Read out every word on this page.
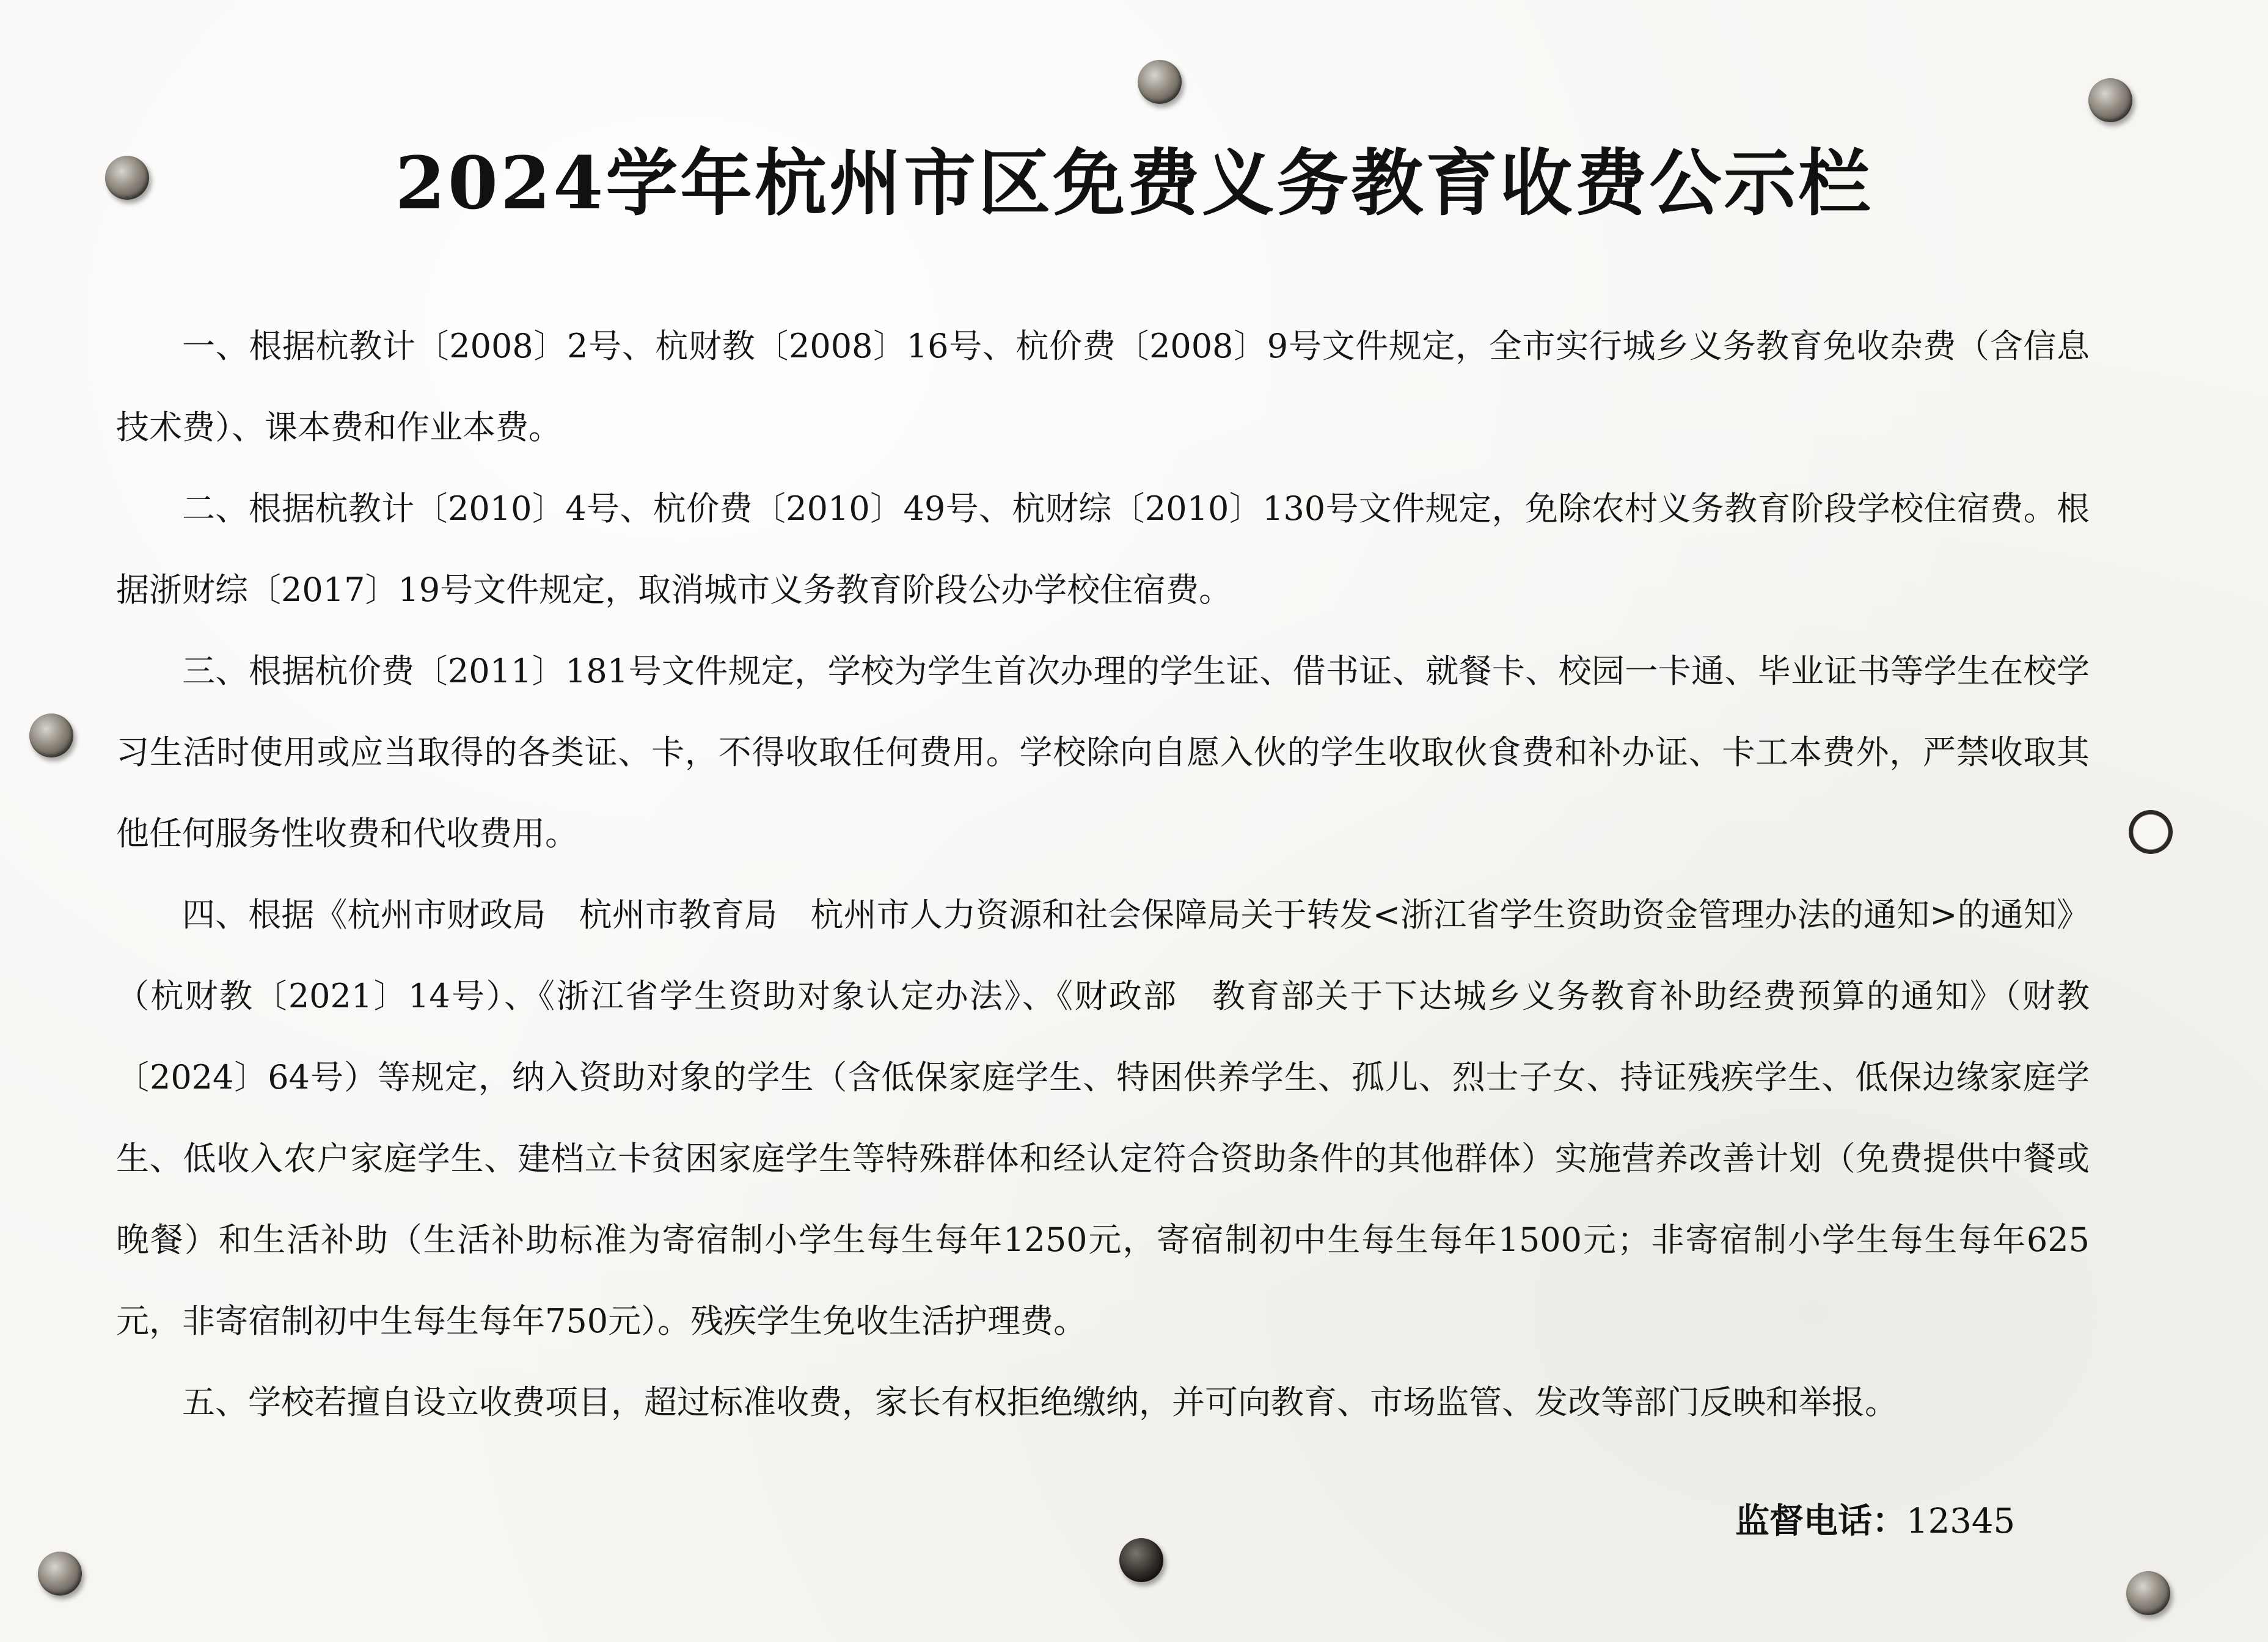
2024学年杭州市区免费义务教育收费公示栏

一、根据杭教计〔2008〕2号、杭财教〔2008〕16号、杭价费〔2008〕9号文件规定，全市实行城乡义务教育免收杂费（含信息技术费）、课本费和作业本费。

二、根据杭教计〔2010〕4号、杭价费〔2010〕49号、杭财综〔2010〕130号文件规定，免除农村义务教育阶段学校住宿费。根据浙财综〔2017〕19号文件规定，取消城市义务教育阶段公办学校住宿费。

三、根据杭价费〔2011〕181号文件规定，学校为学生首次办理的学生证、借书证、就餐卡、校园一卡通、毕业证书等学生在校学习生活时使用或应当取得的各类证、卡，不得收取任何费用。学校除向自愿入伙的学生收取伙食费和补办证、卡工本费外，严禁收取其他任何服务性收费和代收费用。

四、根据《杭州市财政局　杭州市教育局　杭州市人力资源和社会保障局关于转发<浙江省学生资助资金管理办法的通知>的通知》（杭财教〔2021〕14号）、《浙江省学生资助对象认定办法》、《财政部　教育部关于下达城乡义务教育补助经费预算的通知》（财教〔2024〕64号）等规定，纳入资助对象的学生（含低保家庭学生、特困供养学生、孤儿、烈士子女、持证残疾学生、低保边缘家庭学生、低收入农户家庭学生、建档立卡贫困家庭学生等特殊群体和经认定符合资助条件的其他群体）实施营养改善计划（免费提供中餐或晚餐）和生活补助（生活补助标准为寄宿制小学生每生每年1250元，寄宿制初中生每生每年1500元；非寄宿制小学生每生每年625元，非寄宿制初中生每生每年750元）。残疾学生免收生活护理费。

五、学校若擅自设立收费项目，超过标准收费，家长有权拒绝缴纳，并可向教育、市场监管、发改等部门反映和举报。

监督电话：12345
